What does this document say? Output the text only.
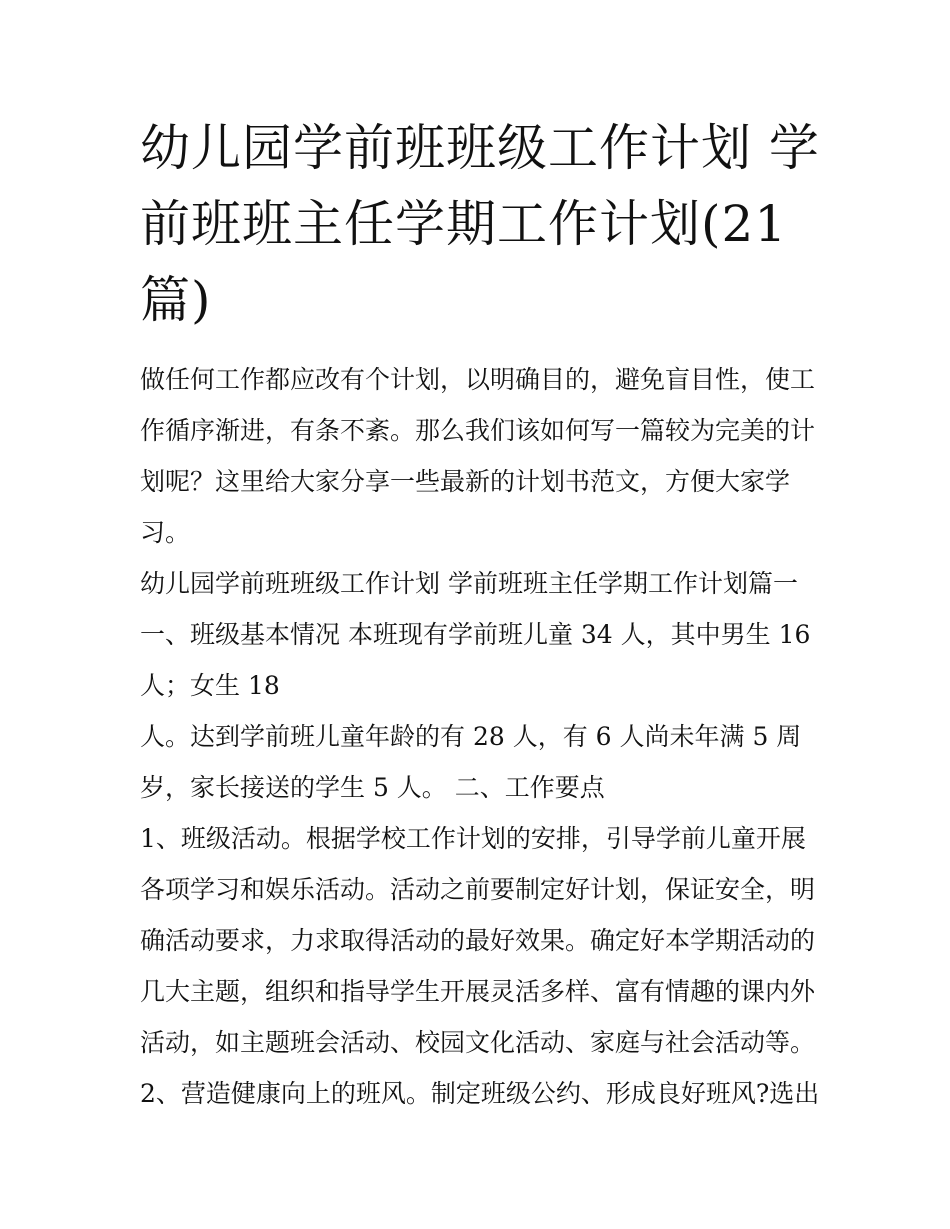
幼儿园学前班班级工作计划 学
前班班主任学期工作计划(21
篇)

做任何工作都应改有个计划，以明确目的，避免盲目性，使工
作循序渐进，有条不紊。那么我们该如何写一篇较为完美的计
划呢？这里给大家分享一些最新的计划书范文，方便大家学
习。

幼儿园学前班班级工作计划 学前班班主任学期工作计划篇一

一、班级基本情况 本班现有学前班儿童 34 人，其中男生 16
人；女生 18
人。达到学前班儿童年龄的有 28 人，有 6 人尚未年满 5 周
岁，家长接送的学生 5 人。 二、工作要点

1、班级活动。根据学校工作计划的安排，引导学前儿童开展
各项学习和娱乐活动。活动之前要制定好计划，保证安全，明
确活动要求，力求取得活动的最好效果。确定好本学期活动的
几大主题，组织和指导学生开展灵活多样、富有情趣的课内外
活动，如主题班会活动、校园文化活动、家庭与社会活动等。

2、营造健康向上的班风。制定班级公约、形成良好班风?选出
